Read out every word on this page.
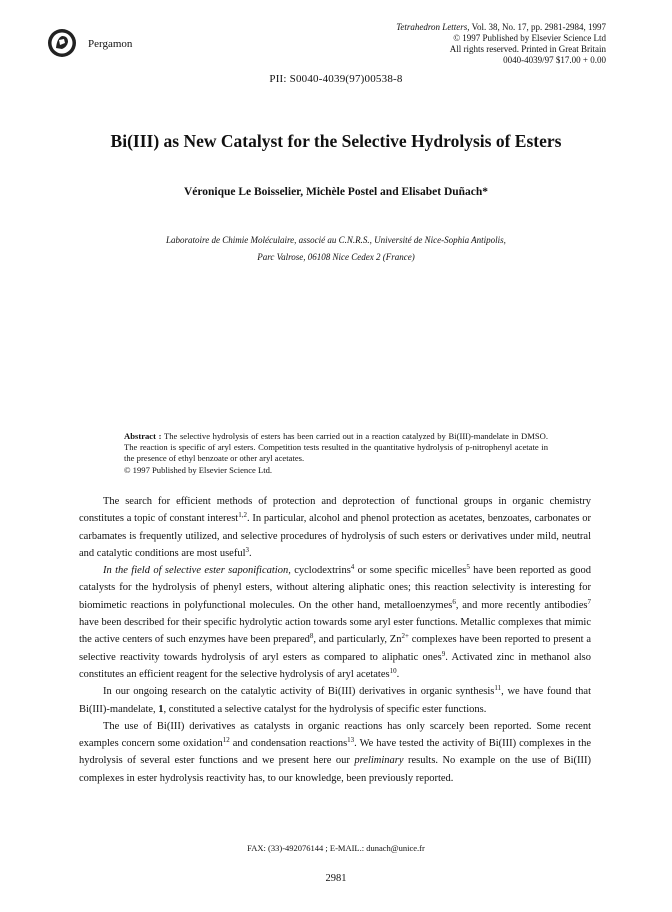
Pergamon
Tetrahedron Letters, Vol. 38, No. 17, pp. 2981-2984, 1997
© 1997 Published by Elsevier Science Ltd
All rights reserved. Printed in Great Britain
0040-4039/97 $17.00 + 0.00
PII: S0040-4039(97)00538-8
Bi(III) as New Catalyst for the Selective Hydrolysis of Esters
Véronique Le Boisselier, Michèle Postel and Elisabet Duñach*
Laboratoire de Chimie Moléculaire, associé au C.N.R.S., Université de Nice-Sophia Antipolis,
Parc Valrose, 06108 Nice Cedex 2 (France)
Abstract : The selective hydrolysis of esters has been carried out in a reaction catalyzed by Bi(III)-mandelate in DMSO. The reaction is specific of aryl esters. Competition tests resulted in the quantitative hydrolysis of p-nitrophenyl acetate in the presence of ethyl benzoate or other aryl acetates.
© 1997 Published by Elsevier Science Ltd.

The search for efficient methods of protection and deprotection of functional groups in organic chemistry constitutes a topic of constant interest$^{1,2}$. In particular, alcohol and phenol protection as acetates, benzoates, carbonates or carbamates is frequently utilized, and selective procedures of hydrolysis of such esters or derivatives under mild, neutral and catalytic conditions are most useful$^3$.

In the field of selective ester saponification, cyclodextrins$^4$ or some specific micelles$^5$ have been reported as good catalysts for the hydrolysis of phenyl esters, without altering aliphatic ones; this reaction selectivity is interesting for biomimetic reactions in polyfunctional molecules. On the other hand, metalloenzymes$^6$, and more recently antibodies$^7$ have been described for their specific hydrolytic action towards some aryl ester functions. Metallic complexes that mimic the active centers of such enzymes have been prepared$^8$, and particularly, $Zn^{2+}$ complexes have been reported to present a selective reactivity towards hydrolysis of aryl esters as compared to aliphatic ones$^9$. Activated zinc in methanol also constitutes an efficient reagent for the selective hydrolysis of aryl acetates$^{10}$.

In our ongoing research on the catalytic activity of Bi(III) derivatives in organic synthesis$^{11}$, we have found that Bi(III)-mandelate, 1, constituted a selective catalyst for the hydrolysis of specific ester functions.

The use of Bi(III) derivatives as catalysts in organic reactions has only scarcely been reported. Some recent examples concern some oxidation$^{12}$ and condensation reactions$^{13}$. We have tested the activity of Bi(III) complexes in the hydrolysis of several ester functions and we present here our preliminary results. No example on the use of Bi(III) complexes in ester hydrolysis reactivity has, to our knowledge, been previously reported.

FAX: (33)-492076144 ; E-MAIL.: dunach@unice.fr
2981
